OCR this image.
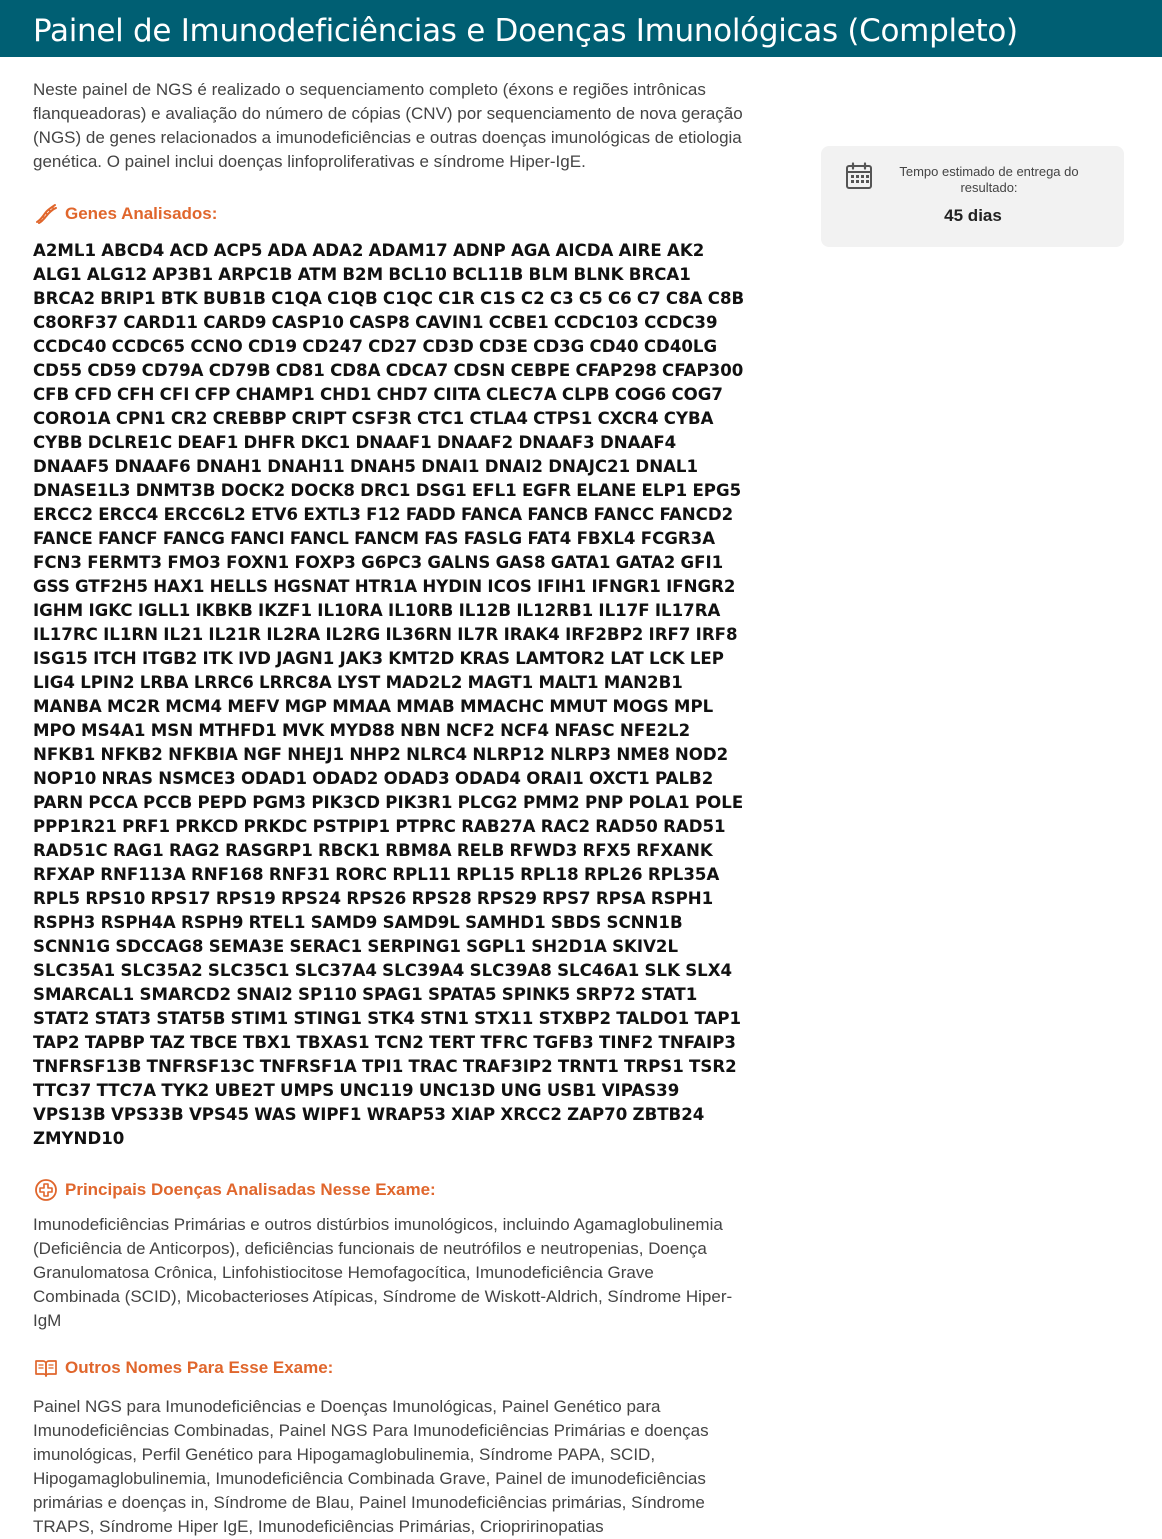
Painel de Imunodeficiências e Doenças Imunológicas (Completo)

Neste painel de NGS é realizado o sequenciamento completo (éxons e regiões intrônicas flanqueadoras) e avaliação do número de cópias (CNV) por sequenciamento de nova geração (NGS) de genes relacionados a imunodeficiências e outras doenças imunológicas de etiologia genética. O painel inclui doenças linfoproliferativas e síndrome Hiper-IgE.

Genes Analisados:

A2ML1 ABCD4 ACD ACP5 ADA ADA2 ADAM17 ADNP AGA AICDA AIRE AK2 ALG1 ALG12 AP3B1 ARPC1B ATM B2M BCL10 BCL11B BLM BLNK BRCA1 BRCA2 BRIP1 BTK BUB1B C1QA C1QB C1QC C1R C1S C2 C3 C5 C6 C7 C8A C8B C8ORF37 CARD11 CARD9 CASP10 CASP8 CAVIN1 CCBE1 CCDC103 CCDC39 CCDC40 CCDC65 CCNO CD19 CD247 CD27 CD3D CD3E CD3G CD40 CD40LG CD55 CD59 CD79A CD79B CD81 CD8A CDCA7 CDSN CEBPE CFAP298 CFAP300 CFB CFD CFH CFI CFP CHAMP1 CHD1 CHD7 CIITA CLEC7A CLPB COG6 COG7 CORO1A CPN1 CR2 CREBBP CRIPT CSF3R CTC1 CTLA4 CTPS1 CXCR4 CYBA CYBB DCLRE1C DEAF1 DHFR DKC1 DNAAF1 DNAAF2 DNAAF3 DNAAF4 DNAAF5 DNAAF6 DNAH1 DNAH11 DNAH5 DNAI1 DNAI2 DNAJC21 DNAL1 DNASE1L3 DNMT3B DOCK2 DOCK8 DRC1 DSG1 EFL1 EGFR ELANE ELP1 EPG5 ERCC2 ERCC4 ERCC6L2 ETV6 EXTL3 F12 FADD FANCA FANCB FANCC FANCD2 FANCE FANCF FANCG FANCI FANCL FANCM FAS FASLG FAT4 FBXL4 FCGR3A FCN3 FERMT3 FMO3 FOXN1 FOXP3 G6PC3 GALNS GAS8 GATA1 GATA2 GFI1 GSS GTF2H5 HAX1 HELLS HGSNAT HTR1A HYDIN ICOS IFIH1 IFNGR1 IFNGR2 IGHM IGKC IGLL1 IKBKB IKZF1 IL10RA IL10RB IL12B IL12RB1 IL17F IL17RA IL17RC IL1RN IL21 IL21R IL2RA IL2RG IL36RN IL7R IRAK4 IRF2BP2 IRF7 IRF8 ISG15 ITCH ITGB2 ITK IVD JAGN1 JAK3 KMT2D KRAS LAMTOR2 LAT LCK LEP LIG4 LPIN2 LRBA LRRC6 LRRC8A LYST MAD2L2 MAGT1 MALT1 MAN2B1 MANBA MC2R MCM4 MEFV MGP MMAA MMAB MMACHC MMUT MOGS MPL MPO MS4A1 MSN MTHFD1 MVK MYD88 NBN NCF2 NCF4 NFASC NFE2L2 NFKB1 NFKB2 NFKBIA NGF NHEJ1 NHP2 NLRC4 NLRP12 NLRP3 NME8 NOD2 NOP10 NRAS NSMCE3 ODAD1 ODAD2 ODAD3 ODAD4 ORAI1 OXCT1 PALB2 PARN PCCA PCCB PEPD PGM3 PIK3CD PIK3R1 PLCG2 PMM2 PNP POLA1 POLE PPP1R21 PRF1 PRKCD PRKDC PSTPIP1 PTPRC RAB27A RAC2 RAD50 RAD51 RAD51C RAG1 RAG2 RASGRP1 RBCK1 RBM8A RELB RFWD3 RFX5 RFXANK RFXAP RNF113A RNF168 RNF31 RORC RPL11 RPL15 RPL18 RPL26 RPL35A RPL5 RPS10 RPS17 RPS19 RPS24 RPS26 RPS28 RPS29 RPS7 RPSA RSPH1 RSPH3 RSPH4A RSPH9 RTEL1 SAMD9 SAMD9L SAMHD1 SBDS SCNN1B SCNN1G SDCCAG8 SEMA3E SERAC1 SERPING1 SGPL1 SH2D1A SKIV2L SLC35A1 SLC35A2 SLC35C1 SLC37A4 SLC39A4 SLC39A8 SLC46A1 SLK SLX4 SMARCAL1 SMARCD2 SNAI2 SP110 SPAG1 SPATA5 SPINK5 SRP72 STAT1 STAT2 STAT3 STAT5B STIM1 STING1 STK4 STN1 STX11 STXBP2 TALDO1 TAP1 TAP2 TAPBP TAZ TBCE TBX1 TBXAS1 TCN2 TERT TFRC TGFB3 TINF2 TNFAIP3 TNFRSF13B TNFRSF13C TNFRSF1A TPI1 TRAC TRAF3IP2 TRNT1 TRPS1 TSR2 TTC37 TTC7A TYK2 UBE2T UMPS UNC119 UNC13D UNG USB1 VIPAS39 VPS13B VPS33B VPS45 WAS WIPF1 WRAP53 XIAP XRCC2 ZAP70 ZBTB24 ZMYND10

Principais Doenças Analisadas Nesse Exame:

Imunodeficiências Primárias e outros distúrbios imunológicos, incluindo Agamaglobulinemia (Deficiência de Anticorpos), deficiências funcionais de neutrófilos e neutropenias, Doença Granulomatosa Crônica, Linfohistiocitose Hemofagocítica, Imunodeficiência Grave Combinada (SCID), Micobacterioses Atípicas, Síndrome de Wiskott-Aldrich, Síndrome Hiper-IgM

Outros Nomes Para Esse Exame:

Painel NGS para Imunodeficiências e Doenças Imunológicas, Painel Genético para Imunodeficiências Combinadas, Painel NGS Para Imunodeficiências Primárias e doenças imunológicas, Perfil Genético para Hipogamaglobulinemia, Síndrome PAPA, SCID, Hipogamaglobulinemia, Imunodeficiência Combinada Grave, Painel de imunodeficiências primárias e doenças in, Síndrome de Blau, Painel Imunodeficiências primárias, Síndrome TRAPS, Síndrome Hiper IgE, Imunodeficiências Primárias, Criopririnopatias

Tempo estimado de entrega do resultado:
45 dias
